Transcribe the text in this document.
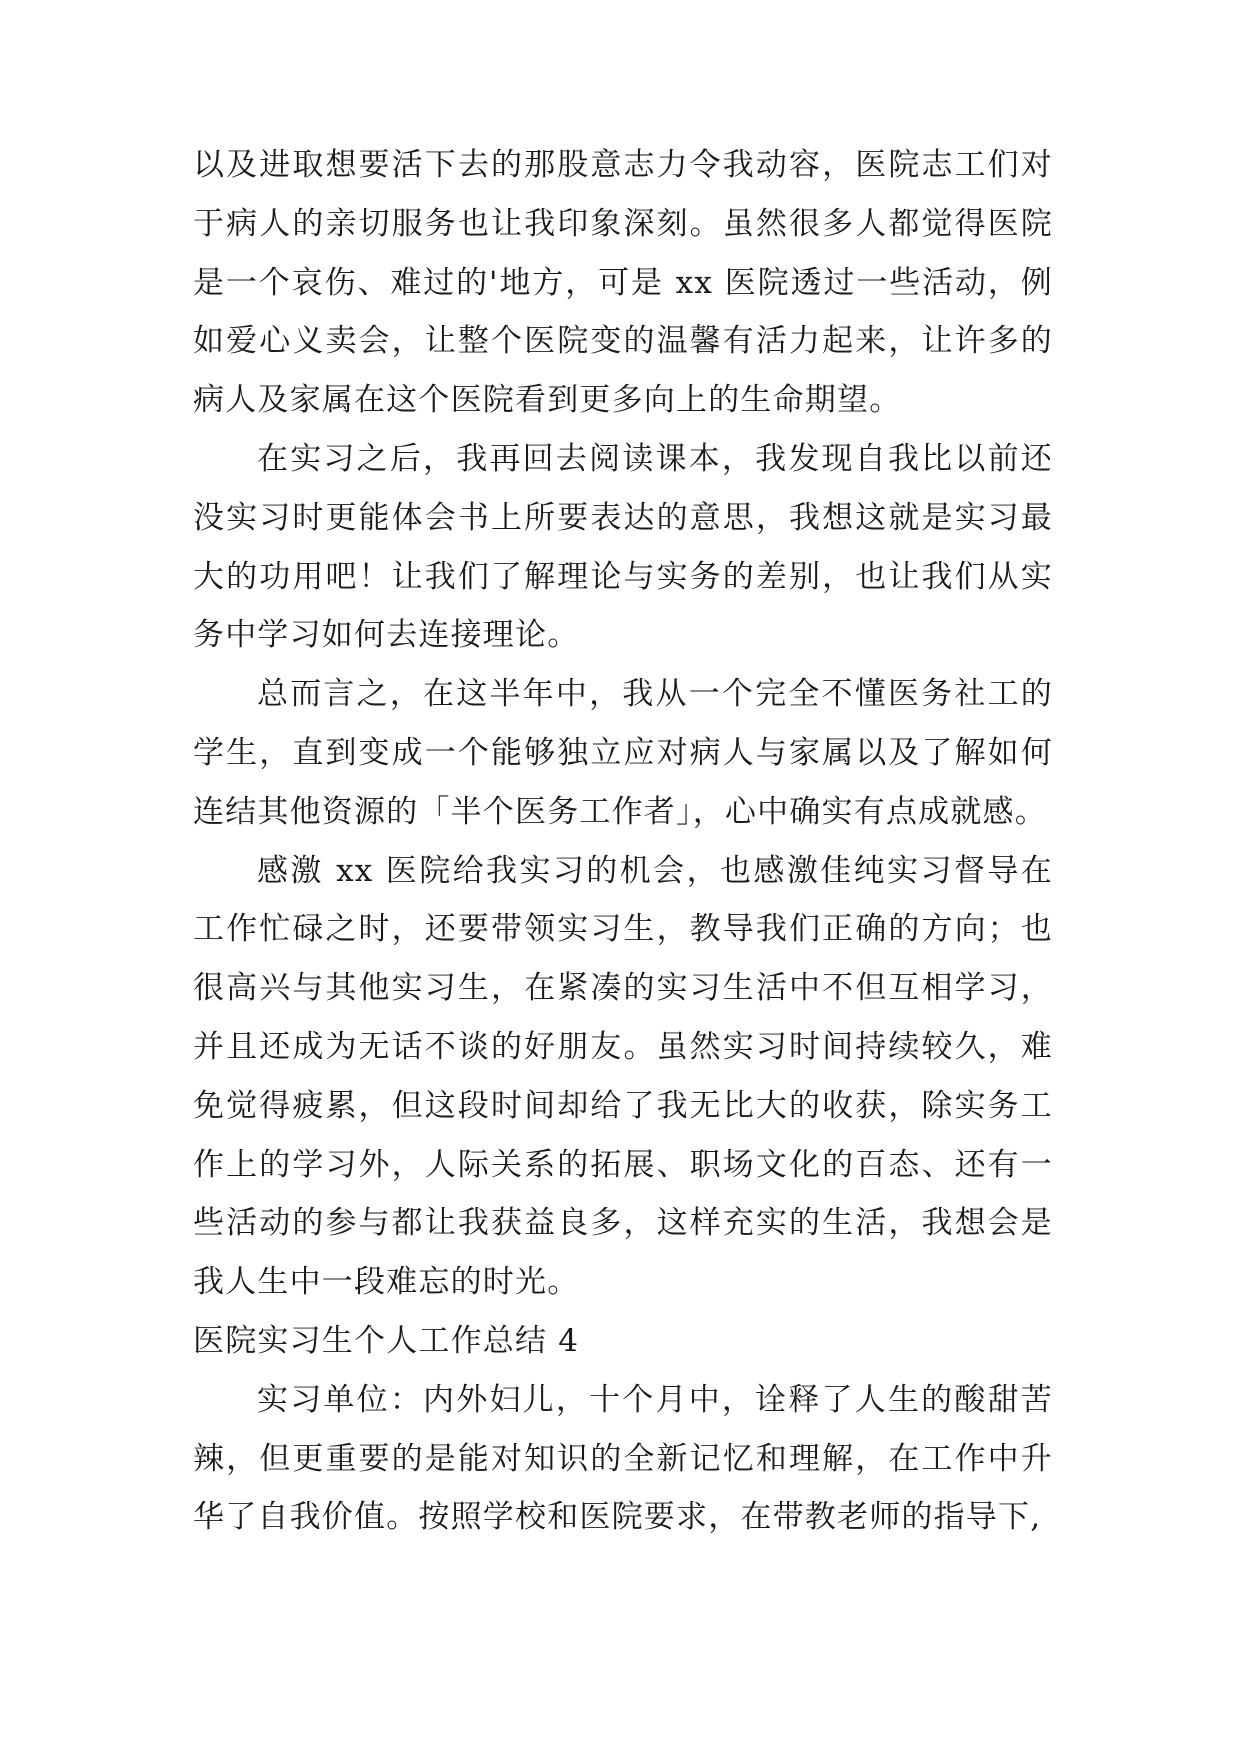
以及进取想要活下去的那股意志力令我动容，医院志工们对于病人的亲切服务也让我印象深刻。虽然很多人都觉得医院是一个哀伤、难过的'地方，可是 xx 医院透过一些活动，例如爱心义卖会，让整个医院变的温馨有活力起来，让许多的病人及家属在这个医院看到更多向上的生命期望。

在实习之后，我再回去阅读课本，我发现自我比以前还没实习时更能体会书上所要表达的意思，我想这就是实习最大的功用吧！让我们了解理论与实务的差别，也让我们从实务中学习如何去连接理论。

总而言之，在这半年中，我从一个完全不懂医务社工的学生，直到变成一个能够独立应对病人与家属以及了解如何连结其他资源的「半个医务工作者」，心中确实有点成就感。

感激 xx 医院给我实习的机会，也感激佳纯实习督导在工作忙碌之时，还要带领实习生，教导我们正确的方向；也很高兴与其他实习生，在紧凑的实习生活中不但互相学习，并且还成为无话不谈的好朋友。虽然实习时间持续较久，难免觉得疲累，但这段时间却给了我无比大的收获，除实务工作上的学习外，人际关系的拓展、职场文化的百态、还有一些活动的参与都让我获益良多，这样充实的生活，我想会是我人生中一段难忘的时光。

医院实习生个人工作总结 4

实习单位：内外妇儿，十个月中，诠释了人生的酸甜苦辣，但更重要的是能对知识的全新记忆和理解，在工作中升华了自我价值。按照学校和医院要求，在带教老师的指导下,
